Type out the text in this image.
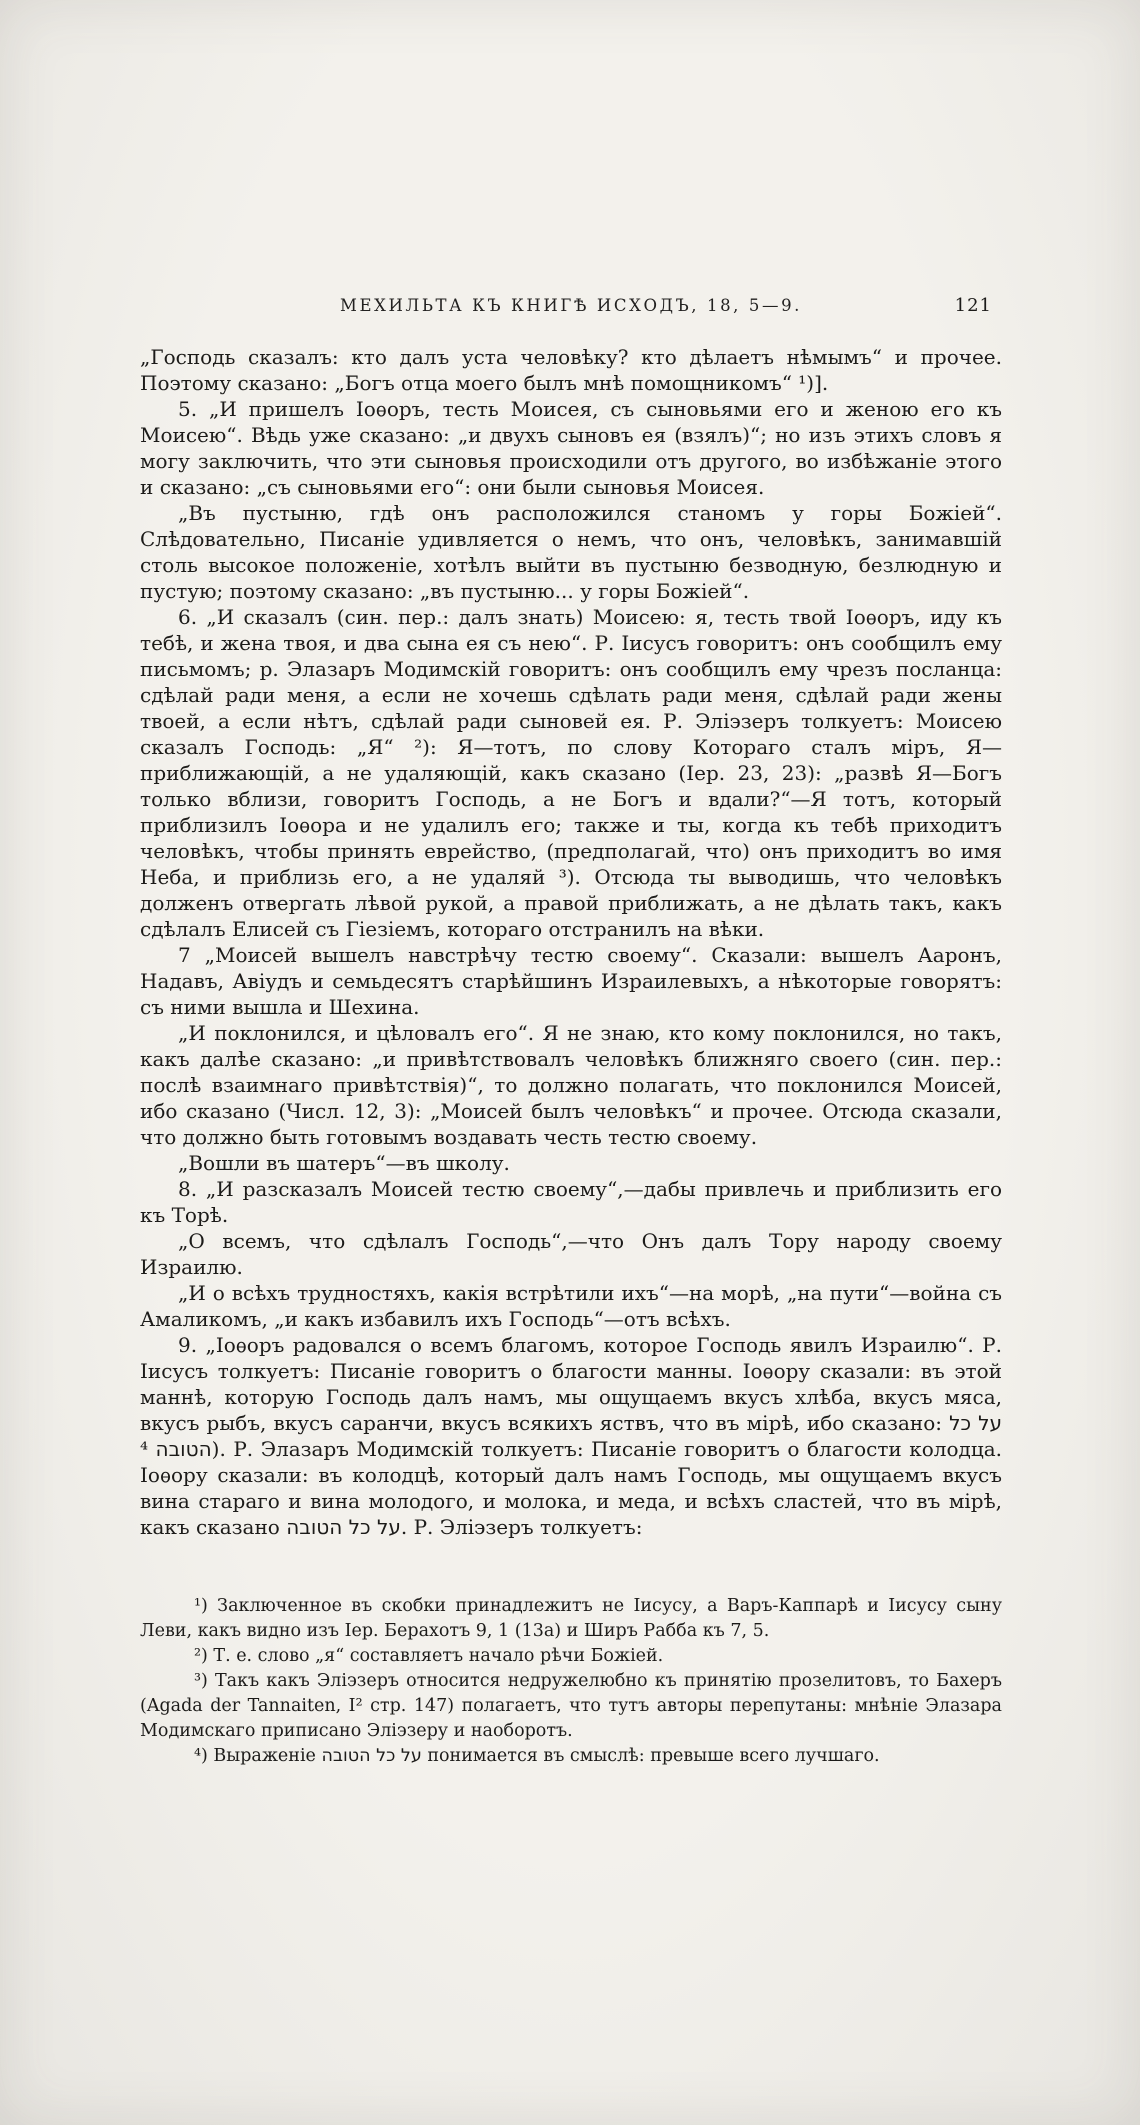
МЕХИЛЬТА КЪ КНИГѢ ИСХОДЪ, 18, 5—9.	121

„Господь сказалъ: кто далъ уста человѣку? кто дѣлаетъ нѣмымъ“ и прочее. Поэтому сказано: „Богъ отца моего былъ мнѣ помощникомъ“ ¹)].

5. „И пришелъ Іоѳоръ, тесть Моисея, съ сыновьями его и женою его къ Моисею“. Вѣдь уже сказано: „и двухъ сыновъ ея (взялъ)“; но изъ этихъ словъ я могу заключить, что эти сыновья происходили отъ другого, во избѣжаніе этого и сказано: „съ сыновьями его“: они были сыновья Моисея.

„Въ пустыню, гдѣ онъ расположился станомъ у горы Божіей“. Слѣдовательно, Писаніе удивляется о немъ, что онъ, человѣкъ, занимавшій столь высокое положеніе, хотѣлъ выйти въ пустыню безводную, безлюдную и пустую; поэтому сказано: „въ пустыню... у горы Божіей“.

6. „И сказалъ (син. пер.: далъ знать) Моисею: я, тесть твой Іоѳоръ, иду къ тебѣ, и жена твоя, и два сына ея съ нею“. Р. Іисусъ говоритъ: онъ сообщилъ ему письмомъ; р. Элазаръ Модимскій говоритъ: онъ сообщилъ ему чрезъ посланца: сдѣлай ради меня, а если не хочешь сдѣлать ради меня, сдѣлай ради жены твоей, а если нѣтъ, сдѣлай ради сыновей ея. Р. Эліэзеръ толкуетъ: Моисею сказалъ Господь: „Я“ ²): Я—тотъ, по слову Котораго сталъ міръ, Я—приближающій, а не удаляющій, какъ сказано (Іер. 23, 23): „развѣ Я—Богъ только вблизи, говоритъ Господь, а не Богъ и вдали?“—Я тотъ, который приблизилъ Іоѳора и не удалилъ его; также и ты, когда къ тебѣ приходитъ человѣкъ, чтобы принять еврейство, (предполагай, что) онъ приходитъ во имя Неба, и приблизь его, а не удаляй ³). Отсюда ты выводишь, что человѣкъ долженъ отвергать лѣвой рукой, а правой приближать, а не дѣлать такъ, какъ сдѣлалъ Елисей съ Гіезіемъ, котораго отстранилъ на вѣки.

7 „Моисей вышелъ навстрѣчу тестю своему“. Сказали: вышелъ Ааронъ, Надавъ, Авіудъ и семьдесятъ старѣйшинъ Израилевыхъ, а нѣкоторые говорятъ: съ ними вышла и Шехина.

„И поклонился, и цѣловалъ его“. Я не знаю, кто кому поклонился, но такъ, какъ далѣе сказано: „и привѣтствовалъ человѣкъ ближняго своего (син. пер.: послѣ взаимнаго привѣтствія)“, то должно полагать, что поклонился Моисей, ибо сказано (Числ. 12, 3): „Моисей былъ человѣкъ“ и прочее. Отсюда сказали, что должно быть готовымъ воздавать честь тестю своему.

„Вошли въ шатеръ“—въ школу.

8. „И разсказалъ Моисей тестю своему“,—дабы привлечь и приблизить его къ Торѣ.

„О всемъ, что сдѣлалъ Господь“,—что Онъ далъ Тору народу своему Израилю.

„И о всѣхъ трудностяхъ, какія встрѣтили ихъ“—на морѣ, „на пути“—война съ Амаликомъ, „и какъ избавилъ ихъ Господь“—отъ всѣхъ.

9. „Іоѳоръ радовался о всемъ благомъ, которое Господь явилъ Израилю“. Р. Іисусъ толкуетъ: Писаніе говоритъ о благости манны. Іоѳору сказали: въ этой маннѣ, которую Господь далъ намъ, мы ощущаемъ вкусъ хлѣба, вкусъ мяса, вкусъ рыбъ, вкусъ саранчи, вкусъ всякихъ яствъ, что въ мірѣ, ибо сказано: על כל הטובה ⁴). Р. Элазаръ Модимскій толкуетъ: Писаніе говоритъ о благости колодца. Іоѳору сказали: въ колодцѣ, который далъ намъ Господь, мы ощущаемъ вкусъ вина стараго и вина молодого, и молока, и меда, и всѣхъ сластей, что въ мірѣ, какъ сказано על כל הטובה. Р. Эліэзеръ толкуетъ:

¹) Заключенное въ скобки принадлежитъ не Іисусу, а Варъ-Каппарѣ и Іисусу сыну Леви, какъ видно изъ Іер. Берахотъ 9, 1 (13а) и Ширъ Рабба къ 7, 5.

²) Т. е. слово „я“ составляетъ начало рѣчи Божіей.

³) Такъ какъ Эліэзеръ относится недружелюбно къ принятію прозелитовъ, то Бахеръ (Agada der Tannaiten, I² стр. 147) полагаетъ, что тутъ авторы перепутаны: мнѣніе Элазара Модимскаго приписано Эліэзеру и наоборотъ.

⁴) Выраженіе על כל הטובה понимается въ смыслѣ: превыше всего лучшаго.
